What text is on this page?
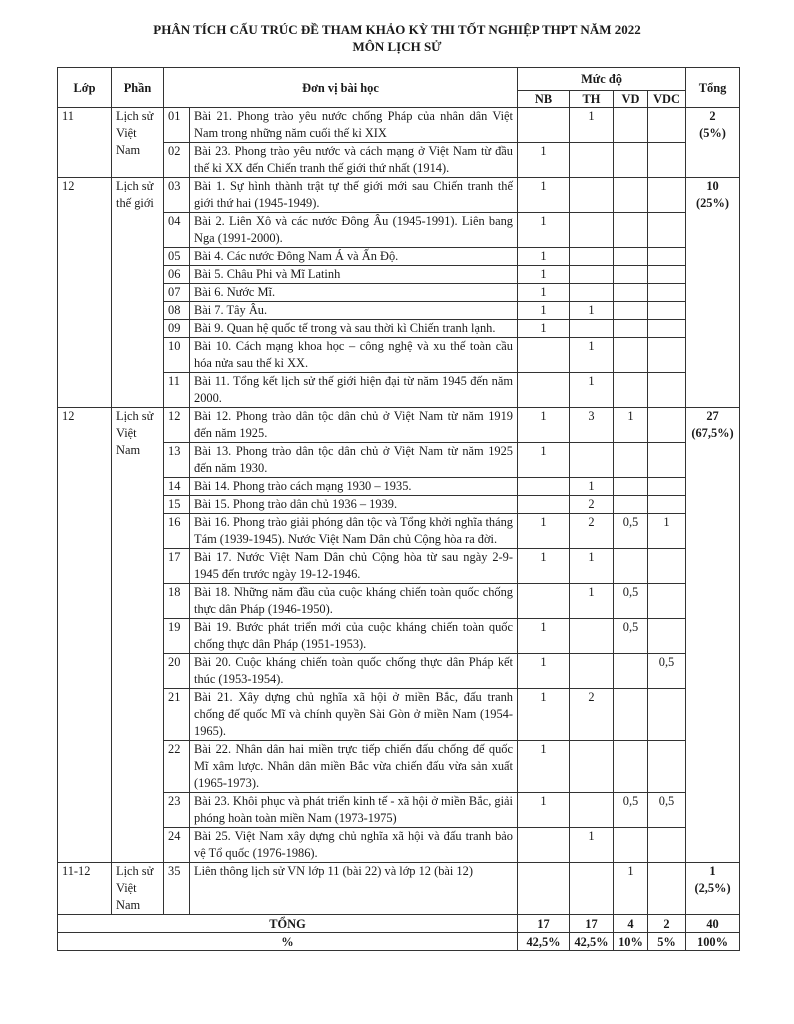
PHÂN TÍCH CẤU TRÚC ĐỀ THAM KHẢO KỲ THI TỐT NGHIỆP THPT NĂM 2022
MÔN LỊCH SỬ
Lớp	Phần	Đơn vị bài học		Mức độ				Tổng
				NB	TH	VD	VDC	
11	Lịch sử Việt Nam	01	Bài 21. Phong trào yêu nước chống Pháp của nhân dân Việt Nam trong những năm cuối thế kỉ XIX		1			2
(5%)

		02	Bài 23. Phong trào yêu nước và cách mạng ở Việt Nam từ đầu thế kỉ XX đến Chiến tranh thế giới thứ nhất (1914).	1				
12	Lịch sử thế giới	03	Bài 1. Sự hình thành trật tự thế giới mới sau Chiến tranh thế giới thứ hai (1945-1949).	1				10
(25%)

		04	Bài 2. Liên Xô và các nước Đông Âu (1945-1991). Liên bang Nga (1991-2000).	1				
		05	Bài 4. Các nước Đông Nam Á và Ấn Độ.	1				
		06	Bài 5. Châu Phi và Mĩ Latinh	1				
		07	Bài 6. Nước Mĩ.	1				
		08	Bài 7. Tây Âu.	1	1			
		09	Bài 9. Quan hệ quốc tế trong và sau thời kì Chiến tranh lạnh.	1				
		10	Bài 10. Cách mạng khoa học – công nghệ và xu thế toàn cầu hóa nửa sau thế kỉ XX.		1			
		11	Bài 11. Tổng kết lịch sử thế giới hiện đại từ năm 1945 đến năm 2000.		1			
12	Lịch sử Việt Nam	12	Bài 12. Phong trào dân tộc dân chủ ở Việt Nam từ năm 1919 đến năm 1925.	1	3	1		27
(67,5%)

		13	Bài 13. Phong trào dân tộc dân chủ ở Việt Nam từ năm 1925 đến năm 1930.	1				
		14	Bài 14. Phong trào cách mạng 1930 – 1935.		1			
		15	Bài 15. Phong trào dân chủ 1936 – 1939.		2			
		16	Bài 16. Phong trào giải phóng dân tộc và Tổng khởi nghĩa tháng Tám (1939-1945). Nước Việt Nam Dân chủ Cộng hòa ra đời.	1	2	0,5	1	
		17	Bài 17. Nước Việt Nam Dân chủ Cộng hòa từ sau ngày 2-9-1945 đến trước ngày 19-12-1946.	1	1			
		18	Bài 18. Những năm đầu của cuộc kháng chiến toàn quốc chống thực dân Pháp (1946-1950).		1	0,5		
		19	Bài 19. Bước phát triển mới của cuộc kháng chiến toàn quốc chống thực dân Pháp (1951-1953).	1		0,5		
		20	Bài 20. Cuộc kháng chiến toàn quốc chống thực dân Pháp kết thúc (1953-1954).	1			0,5	
		21	Bài 21. Xây dựng chủ nghĩa xã hội ở miền Bắc, đấu tranh chống đế quốc Mĩ và chính quyền Sài Gòn ở miền Nam (1954-1965).	1	2			
		22	Bài 22. Nhân dân hai miền trực tiếp chiến đấu chống đế quốc Mĩ xâm lược. Nhân dân miền Bắc vừa chiến đấu vừa sản xuất (1965-1973).	1				
		23	Bài 23. Khôi phục và phát triển kinh tế - xã hội ở miền Bắc, giải phóng hoàn toàn miền Nam (1973-1975)	1		0,5	0,5	
		24	Bài 25. Việt Nam xây dựng chủ nghĩa xã hội và đấu tranh bảo vệ Tổ quốc (1976-1986).		1			
11-12	Lịch sử Việt Nam	35	Liên thông lịch sử VN lớp 11 (bài 22) và lớp 12 (bài 12)			1		1
(2,5%)

TỔNG				17	17	4	2	40
%				42,5%	42,5%	10%	5%	100%
